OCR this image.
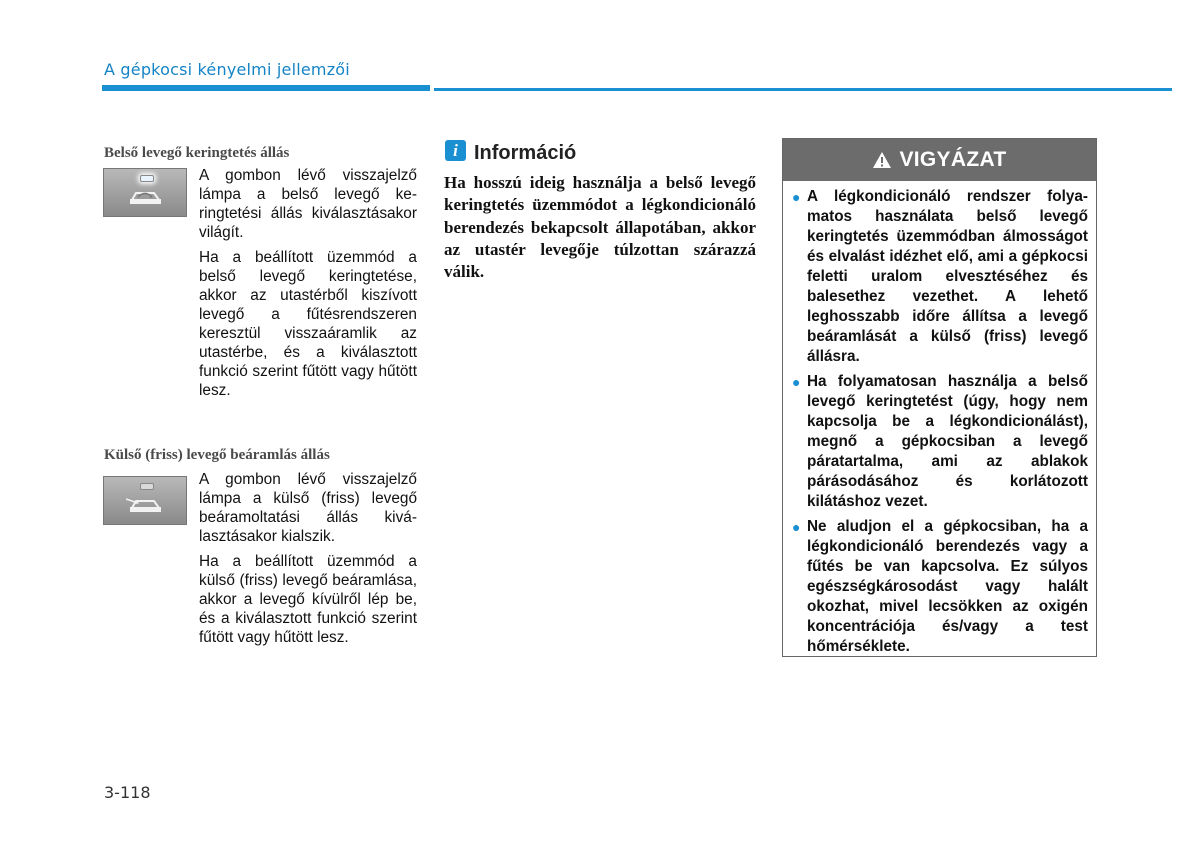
A gépkocsi kényelmi jellemzői
Belső levegő keringtetés állás

A gombon lévő visszajelző lámpa a belső levegő keringtetési állás kiválasztásakor világít.

Ha a beállított üzemmód a belső levegő keringtetése, akkor az utastérből kiszívott levegő a fűtésrendszeren keresztül visszaáramlik az utastérbe, és a kiválasztott funkció szerint fűtött vagy hűtött lesz.

Külső (friss) levegő beáramlás állás

A gombon lévő visszajelző lámpa a külső (friss) levegő beáramoltatási állás kiválasztásakor kialszik.

Ha a beállított üzemmód a külső (friss) levegő beáramlása, akkor a levegő kívülről lép be, és a kiválasztott funkció szerint fűtött vagy hűtött lesz.

i Információ

Ha hosszú ideig használja a belső levegő keringtetés üzemmódot a légkondicionáló berendezés bekapcsolt állapotában, akkor az utastér levegője túlzottan szárazzá válik.

VIGYÁZAT
● A légkondicionáló rendszer folyamatos használata belső levegő keringtetés üzemmódban álmosságot és elvalást idézhet elő, ami a gépkocsi feletti uralom elvesztéséhez és balesethez vezethet. A lehető leghosszabb időre állítsa a levegő beáramlását a külső (friss) levegő állásra.
● Ha folyamatosan használja a belső levegő keringtetést (úgy, hogy nem kapcsolja be a légkondicionálást), megnő a gépkocsiban a levegő páratartalma, ami az ablakok párásodásához és korlátozott kilátáshoz vezet.
● Ne aludjon el a gépkocsiban, ha a légkondicionáló berendezés vagy a fűtés be van kapcsolva. Ez súlyos egészségkárosodást vagy halált okozhat, mivel lecsökken az oxigén koncentrációja és/vagy a test hőmérséklete.
3-118
